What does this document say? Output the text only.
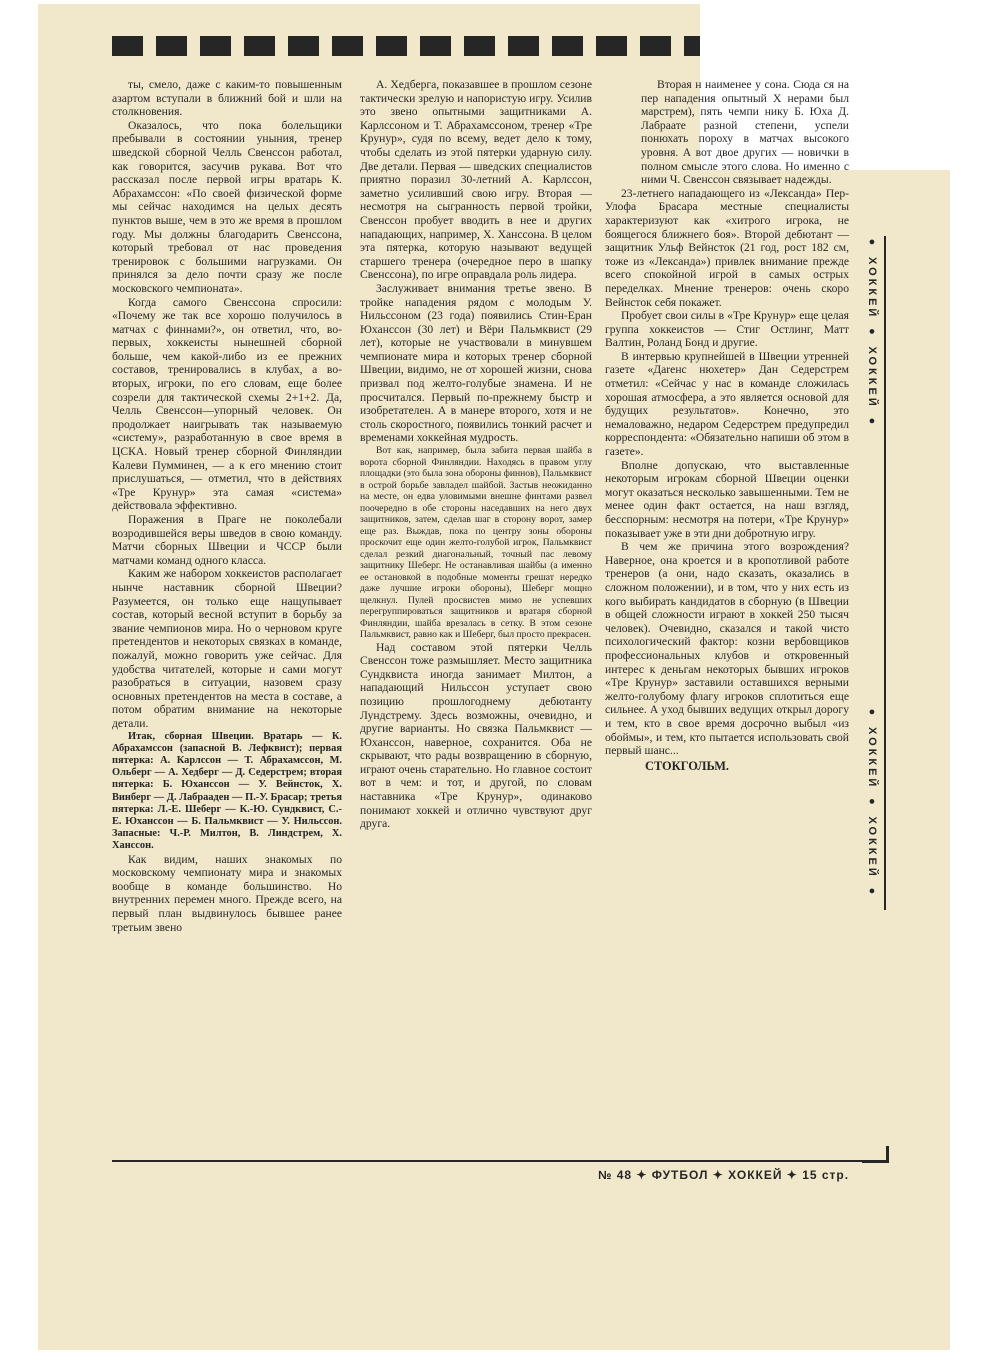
ты, смело, даже с каким-то повышенным азартом вступали в ближний бой и шли на столкновения.

Оказалось, что пока болельщики пребывали в состоянии уныния, тренер шведской сборной Челль Свенссон работал, как говорится, засучив рукава. Вот что рассказал после первой игры вратарь К. Абрахамссон: «По своей физической форме мы сейчас находимся на целых десять пунктов выше, чем в это же время в прошлом году. Мы должны благодарить Свенссона, который требовал от нас проведения тренировок с большими нагрузками. Он принялся за дело почти сразу же после московского чемпионата».

Когда самого Свенссона спросили: «Почему же так все хорошо получилось в матчах с финнами?», он ответил, что, во-первых, хоккеисты нынешней сборной больше, чем какой-либо из ее прежних составов, тренировались в клубах, а во-вторых, игроки, по его словам, еще более созрели для тактической схемы 2+1+2. Да, Челль Свенссон—упорный человек. Он продолжает наигрывать так называемую «систему», разработанную в свое время в ЦСКА. Новый тренер сборной Финляндии Калеви Пумминен, — а к его мнению стоит прислушаться, — отметил, что в действиях «Тре Крунур» эта самая «система» действовала эффективно.

Поражения в Праге не поколебали возродившейся веры шведов в свою команду. Матчи сборных Швеции и ЧССР были матчами команд одного класса.

Каким же набором хоккеистов располагает нынче наставник сборной Швеции? Разумеется, он только еще нащупывает состав, который весной вступит в борьбу за звание чемпионов мира. Но о черновом круге претендентов и некоторых связках в команде, пожалуй, можно говорить уже сейчас. Для удобства читателей, которые и сами могут разобраться в ситуации, назовем сразу основных претендентов на места в составе, а потом обратим внимание на некоторые детали.

Итак, сборная Швеции. Вратарь — К. Абрахамссон (запасной В. Лефквист); первая пятерка: А. Карлссон — Т. Абрахамссон, М. Ольберг — А. Хедберг — Д. Седерстрем; вторая пятерка: Б. Юхансcон — У. Вейнсток, Х. Винберг — Д. Лабраaден — П.-У. Брасар; третья пятерка: Л.-Е. Шеберг — К.-Ю. Сундквист, С.-Е. Юхансcон — Б. Пальмквист — У. Нильссон. Запасные: Ч.-Р. Милтон, В. Линдстрем, Х. Xанссон.

Как видим, наших знакомых по московскому чемпионату мира и знакомых вообще в команде большинство. Но внутренних перемен много. Прежде всего, на первый план выдвинулось бывшее ранее третьим звено

А. Хедберга, показавшее в прошлом сезоне тактически зрелую и напористую игру. Усилив это звено опытными защитниками А. Карлссоном и Т. Абрахамссоном, тренер «Тре Крунур», судя по всему, ведет дело к тому, чтобы сделать из этой пятерки ударную силу. Две детали. Первая — шведских специалистов приятно поразил 30-летний А. Карлссон, заметно усиливший свою игру. Вторая — несмотря на сыгранность первой тройки, Свенссон пробует вводить в нее и других нападающих, например, Х. Ханссона. В целом эта пятерка, которую называют ведущей старшего тренера (очередное перо в шапку Свенссона), по игре оправдала роль лидера.

Заслуживает внимания третье звено. В тройке нападения рядом с молодым У. Нильссоном (23 года) появились Стин-Еран Юханссон (30 лет) и Вёри Пальмквист (29 лет), которые не участвовали в минувшем чемпионате мира и которых тренер сборной Швеции, видимо, не от хорошей жизни, снова призвал под желто-голубые знамена. И не просчитался. Первый по-прежнему быстр и изобретателен. А в манере второго, хотя и не столь скоростного, появились тонкий расчет и временами хоккейная мудрость.

Вот как, например, была забита первая шайба в ворота сборной Финляндии. Находясь в правом углу площадки (это была зона обороны финнов), Пальмквист в острой борьбе завладел шайбой. Застыв неожиданно на месте, он едва уловимыми внешне финтами развел поочередно в обе стороны наседавших на него двух защитников, затем, сделав шаг в сторону ворот, замер еще раз. Выждав, пока по центру зоны обороны проскочит еще один желто-голубой игрок, Пальмквист сделал резкий диагональный, точный пас левому защитнику Шеберг. Не останавливая шайбы (а именно ее остановкой в подобные моменты грешат нередко даже лучшие игроки обороны), Шеберг мощно щелкнул. Пулей просвистев мимо не успевших перегруппироваться защитников и вратаря сборной Финляндии, шайба врезалась в сетку. В этом сезоне Пальмквист, равно как и Шеберг, был просто прекрасен.

Над составом этой пятерки Челль Свенссон тоже размышляет. Место защитника Сундквиста иногда занимает Милтон, а нападающий Нильссон уступает свою позицию прошлогоднему дебютанту Лундстрему. Здесь возможны, очевидно, и другие варианты. Но связка Пальмквист — Юханссон, наверное, сохранится. Оба не скрывают, что рады возвращению в сборную, играют очень старательно. Но главное состоит вот в чем: и тот, и другой, по словам наставника «Тре Крунур», одинаково понимают хоккей и отлично чувствуют друг друга.

Вторая н наименее у сона. Сюда ся на пер нападения опытный Х нерами был марстрем), пять чемпи нику Б. Юха Д. Лабраате разной степени, успели понюхать пороху в матчах высокого уровня. А вот двое других — новички в полном смысле этого слова. Но именно с ними Ч. Свенссон связывает надежды.

23-летнего нападающего из «Лександа» Пер-Улофа Брасара местные специалисты характеризуют как «хитрого игрока, не боящегося ближнего боя». Второй дебютант — защитник Ульф Вейнсток (21 год, рост 182 см, тоже из «Лександа») привлек внимание прежде всего спокойной игрой в самых острых переделках. Мнение тренеров: очень скоро Вейнсток себя покажет.

Пробует свои силы в «Тре Крунур» еще целая группа хоккеистов — Стиг Остлинг, Матт Валтин, Роланд Бонд и другие.

В интервью крупнейшей в Швеции утренней газете «Даrенс нюхетер» Дан Седерстрем отметил: «Сейчас у нас в команде сложилась хорошая атмосфера, а это является основой для будущих результатов». Конечно, это немаловажно, недаром Седерстрем предупредил корреспондента: «Обязательно напиши об этом в газете».

Вполне допускаю, что выставленные некоторым игрокам сборной Швеции оценки могут оказаться несколько завышенными. Тем не менее один факт остается, на наш взгляд, бесспорным: несмотря на потери, «Тре Крунур» показывает уже в эти дни добротную игру.

В чем же причина этого возрождения? Наверное, она кроется и в кропотливой работе тренеров (а они, надо сказать, оказались в сложном положении), и в том, что у них есть из кого выбирать кандидатов в сборную (в Швеции в общей сложности играют в хоккей 250 тысяч человек). Очевидно, сказался и такой чисто психологический фактор: козни вербовщиков профессиональных клубов и откровенный интерес к деньгам некоторых бывших игроков «Тре Крунур» заставили оставшихся верными желто-голубому флагу игроков сплотиться еще сильнее. А уход бывших ведущих открыл дорогу и тем, кто в свое время досрочно выбыл «из обоймы», и тем, кто пытается использовать свой первый шанс...

СТОКГОЛЬМ.

● ХОККЕЙ ● ХОККЕЙ ●
● ХОККЕЙ ● ХОККЕЙ ●
№ 48 ✦ ФУТБОЛ ✦ ХОККЕЙ ✦ 15 стр.
